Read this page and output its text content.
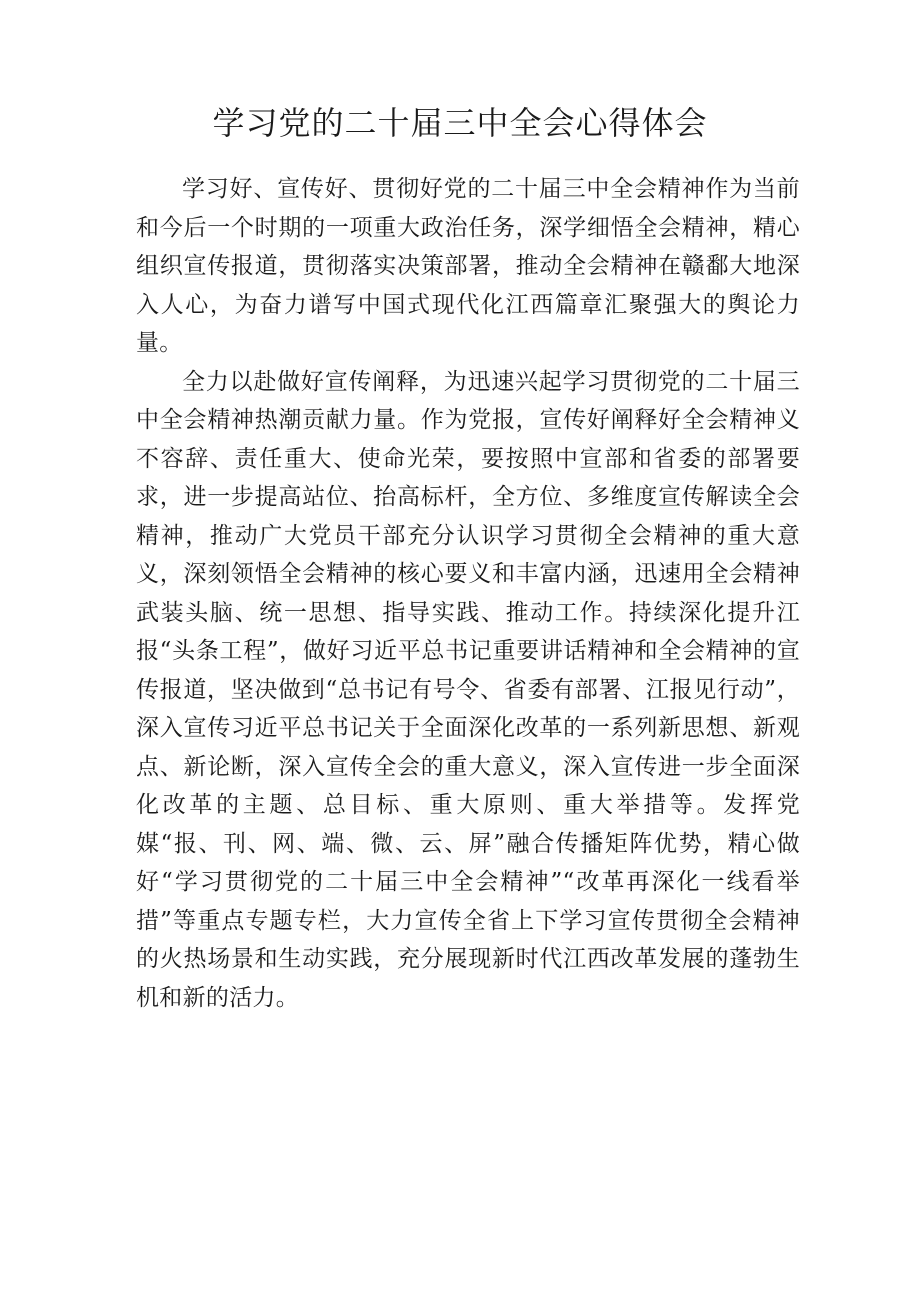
学习党的二十届三中全会心得体会

学习好、宣传好、贯彻好党的二十届三中全会精神作为当前和今后一个时期的一项重大政治任务，深学细悟全会精神，精心组织宣传报道，贯彻落实决策部署，推动全会精神在赣鄱大地深入人心，为奋力谱写中国式现代化江西篇章汇聚强大的舆论力量。

全力以赴做好宣传阐释，为迅速兴起学习贯彻党的二十届三中全会精神热潮贡献力量。作为党报，宣传好阐释好全会精神义不容辞、责任重大、使命光荣，要按照中宣部和省委的部署要求，进一步提高站位、抬高标杆，全方位、多维度宣传解读全会精神，推动广大党员干部充分认识学习贯彻全会精神的重大意义，深刻领悟全会精神的核心要义和丰富内涵，迅速用全会精神武装头脑、统一思想、指导实践、推动工作。持续深化提升江报“头条工程”，做好习近平总书记重要讲话精神和全会精神的宣传报道，坚决做到“总书记有号令、省委有部署、江报见行动”，深入宣传习近平总书记关于全面深化改革的一系列新思想、新观点、新论断，深入宣传全会的重大意义，深入宣传进一步全面深化改革的主题、总目标、重大原则、重大举措等。发挥党媒“报、刊、网、端、微、云、屏”融合传播矩阵优势，精心做好“学习贯彻党的二十届三中全会精神”“改革再深化一线看举措”等重点专题专栏，大力宣传全省上下学习宣传贯彻全会精神的火热场景和生动实践，充分展现新时代江西改革发展的蓬勃生机和新的活力。
